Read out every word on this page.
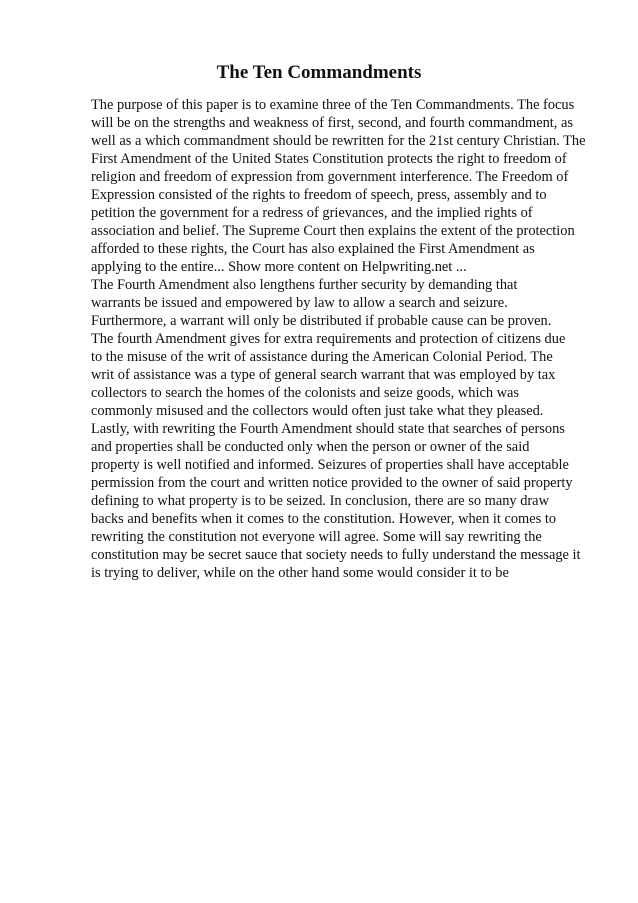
The Ten Commandments
The purpose of this paper is to examine three of the Ten Commandments. The focus
will be on the strengths and weakness of first, second, and fourth commandment, as
well as a which commandment should be rewritten for the 21st century Christian. The
First Amendment of the United States Constitution protects the right to freedom of
religion and freedom of expression from government interference. The Freedom of
Expression consisted of the rights to freedom of speech, press, assembly and to
petition the government for a redress of grievances, and the implied rights of
association and belief. The Supreme Court then explains the extent of the protection
afforded to these rights, the Court has also explained the First Amendment as
applying to the entire... Show more content on Helpwriting.net ...
The Fourth Amendment also lengthens further security by demanding that
warrants be issued and empowered by law to allow a search and seizure.
Furthermore, a warrant will only be distributed if probable cause can be proven.
The fourth Amendment gives for extra requirements and protection of citizens due
to the misuse of the writ of assistance during the American Colonial Period. The
writ of assistance was a type of general search warrant that was employed by tax
collectors to search the homes of the colonists and seize goods, which was
commonly misused and the collectors would often just take what they pleased.
Lastly, with rewriting the Fourth Amendment should state that searches of persons
and properties shall be conducted only when the person or owner of the said
property is well notified and informed. Seizures of properties shall have acceptable
permission from the court and written notice provided to the owner of said property
defining to what property is to be seized. In conclusion, there are so many draw
backs and benefits when it comes to the constitution. However, when it comes to
rewriting the constitution not everyone will agree. Some will say rewriting the
constitution may be secret sauce that society needs to fully understand the message it
is trying to deliver, while on the other hand some would consider it to be
